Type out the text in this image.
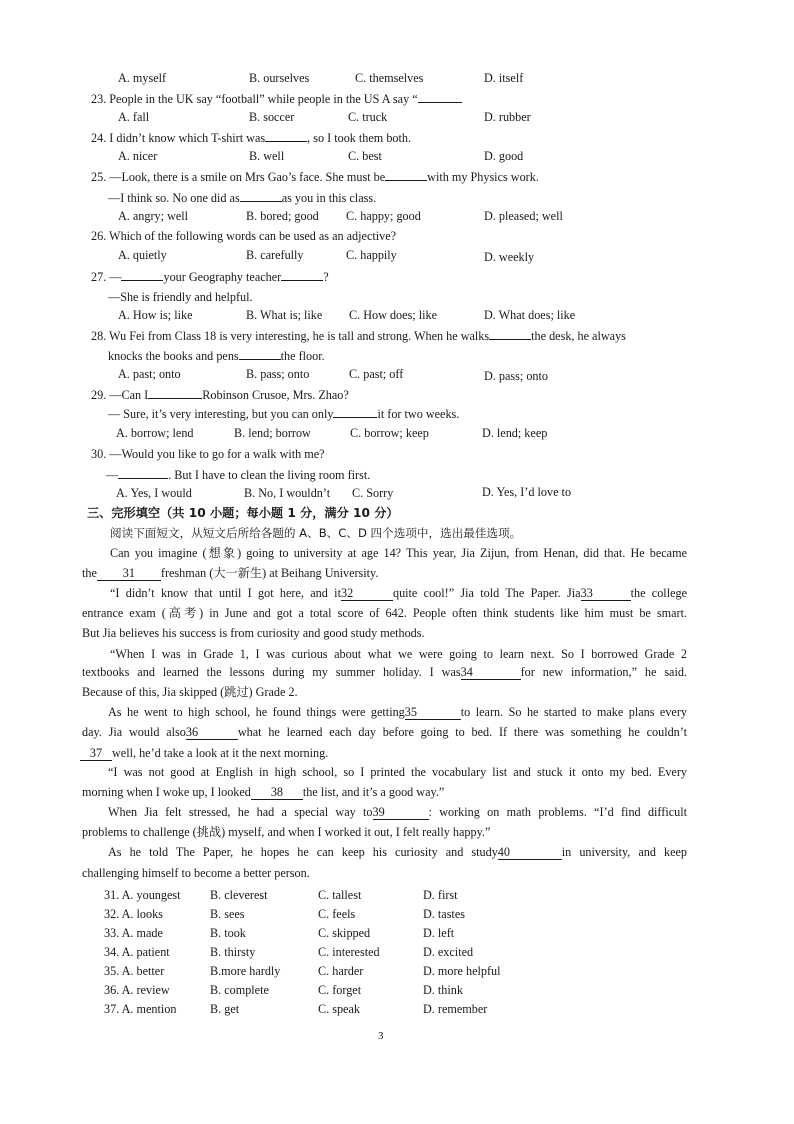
A. myself	B. ourselves	C. themselves	D. itself
23. People in the UK say “football” while people in the US A say “
A. fall	B. soccer	C. truck	D. rubber
24. I didn’t know which T-shirt was	, so I took them both.
A. nicer	B. well	C. best	D. good
25. —Look, there is a smile on Mrs Gao’s face. She must be	with my Physics work.
—I think so. No one did as	as you in this class.
A. angry; well	B. bored; good C. happy; good	D. pleased; well
26. Which of the following words can be used as an adjective?
A. quietly	B. carefully	C. happily	D. weekly
27. —	your Geography teacher	?
—She is friendly and helpful.
A. How is; like	B. What is; like C. How does; like	D. What does; like
28. Wu Fei from Class 18 is very interesting, he is tall and strong. When he walks	the desk, he always
knocks the books and pens	the floor.
A. past; onto	B. pass; onto	C. past; off	D. pass; onto
29. —Can I	Robinson Crusoe, Mrs. Zhao?
— Sure, it’s very interesting, but you can only	it for two weeks.
A. borrow; lend	B. lend; borrow	C. borrow; keep	D. lend; keep
30. —Would you like to go for a walk with me?
—	. But I have to clean the living room first.
A. Yes, I would	B. No, I wouldn’t C. Sorry	D. Yes, I’d love to
三、完形填空（共 10 小题；每小题 1 分，满分 10 分）
阅读下面短文，从短文后所给各题的 A、B、C、D 四个选项中，选出最佳选项。
Can you imagine (想象) going to university at age 14? This year, Jia Zijun, from Henan, did that. He became
the 31 freshman (大一新生) at Beihang University.
“I didn’t know that until I got here, and it32	quite cool!” Jia told The Paper. Jia33	the college
entrance exam (高考) in June and got a total score of 642. People often think students like him must be smart.
But Jia believes his success is from curiosity and good study methods.
“When I was in Grade 1, I was curious about what we were going to learn next. So I borrowed Grade 2
textbooks and learned the lessons during my summer holiday. I was34	for new information,” he said.
Because of this, Jia skipped (跳过) Grade 2.
As he went to high school, he found things were getting35	to learn. So he started to make plans every
day. Jia would also36	what he learned each day before going to bed. If there was something he couldn’t
37 well, he’d take a look at it the next morning.
“I was not good at English in high school, so I printed the vocabulary list and stuck it onto my bed. Every
morning when I woke up, I looked 38 the list, and it’s a good way.”
When Jia felt stressed, he had a special way to39	: working on math problems. “I’d find difficult
problems to challenge (挑战) myself, and when I worked it out, I felt really happy.”
As he told The Paper, he hopes he can keep his curiosity and study40	in university, and keep
challenging himself to become a better person.
31. A. youngest B. cleverest	C. tallest	D. first
32. A. looks	B. sees	C. feels	D. tastes
33. A. made	B. took	C. skipped	D. left
34. A. patient	B. thirsty	C. interested	D. excited
35. A. better	B.more hardly	C. harder	D. more helpful
36. A. review	B. complete	C. forget	D. think
37. A. mention	B. get	C. speak	D. remember
3
